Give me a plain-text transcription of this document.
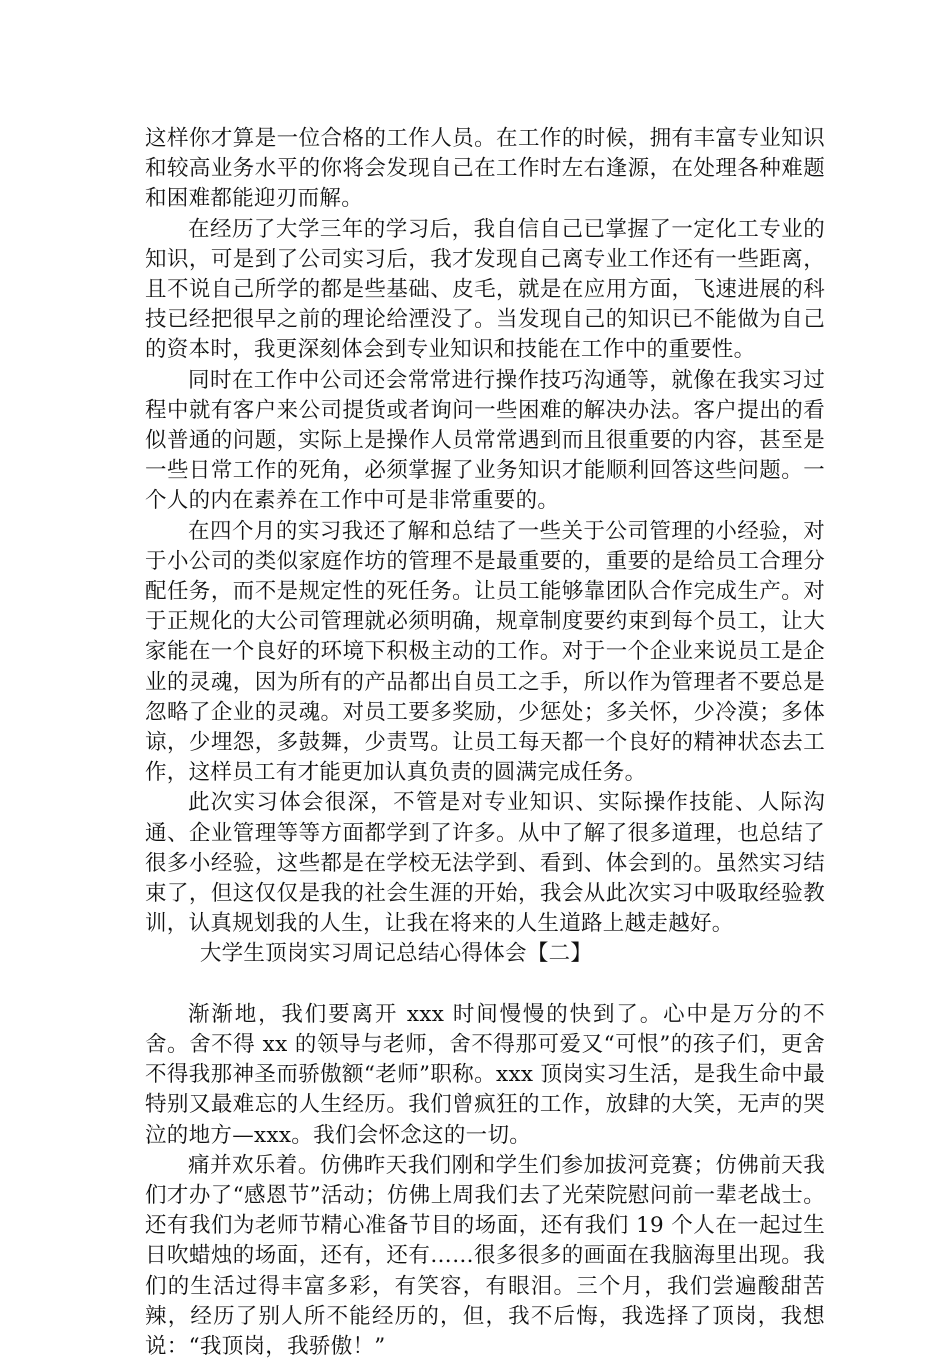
这样你才算是一位合格的工作人员。在工作的时候，拥有丰富专业知识和较高业务水平的你将会发现自己在工作时左右逢源，在处理各种难题和困难都能迎刃而解。

在经历了大学三年的学习后，我自信自己已掌握了一定化工专业的知识，可是到了公司实习后，我才发现自己离专业工作还有一些距离，且不说自己所学的都是些基础、皮毛，就是在应用方面，飞速进展的科技已经把很早之前的理论给湮没了。当发现自己的知识已不能做为自己的资本时，我更深刻体会到专业知识和技能在工作中的重要性。

同时在工作中公司还会常常进行操作技巧沟通等，就像在我实习过程中就有客户来公司提货或者询问一些困难的解决办法。客户提出的看似普通的问题，实际上是操作人员常常遇到而且很重要的内容，甚至是一些日常工作的死角，必须掌握了业务知识才能顺利回答这些问题。一个人的内在素养在工作中可是非常重要的。

在四个月的实习我还了解和总结了一些关于公司管理的小经验，对于小公司的类似家庭作坊的管理不是最重要的，重要的是给员工合理分配任务，而不是规定性的死任务。让员工能够靠团队合作完成生产。对于正规化的大公司管理就必须明确，规章制度要约束到每个员工，让大家能在一个良好的环境下积极主动的工作。对于一个企业来说员工是企业的灵魂，因为所有的产品都出自员工之手，所以作为管理者不要总是忽略了企业的灵魂。对员工要多奖励，少惩处；多关怀，少冷漠；多体谅，少埋怨，多鼓舞，少责骂。让员工每天都一个良好的精神状态去工作，这样员工有才能更加认真负责的圆满完成任务。

此次实习体会很深，不管是对专业知识、实际操作技能、人际沟通、企业管理等等方面都学到了许多。从中了解了很多道理，也总结了很多小经验，这些都是在学校无法学到、看到、体会到的。虽然实习结束了，但这仅仅是我的社会生涯的开始，我会从此次实习中吸取经验教训，认真规划我的人生，让我在将来的人生道路上越走越好。

大学生顶岗实习周记总结心得体会【二】

渐渐地，我们要离开 xxx 时间慢慢的快到了。心中是万分的不舍。舍不得 xx 的领导与老师，舍不得那可爱又“可恨”的孩子们，更舍不得我那神圣而骄傲额“老师”职称。xxx 顶岗实习生活，是我生命中最特别又最难忘的人生经历。我们曾疯狂的工作，放肆的大笑，无声的哭泣的地方—xxx。我们会怀念这的一切。

痛并欢乐着。仿佛昨天我们刚和学生们参加拔河竞赛；仿佛前天我们才办了“感恩节”活动；仿佛上周我们去了光荣院慰问前一辈老战士。还有我们为老师节精心准备节目的场面，还有我们 19 个人在一起过生日吹蜡烛的场面，还有，还有……很多很多的画面在我脑海里出现。我们的生活过得丰富多彩，有笑容，有眼泪。三个月，我们尝遍酸甜苦辣，经历了别人所不能经历的，但，我不后悔，我选择了顶岗，我想说：“我顶岗，我骄傲！”
